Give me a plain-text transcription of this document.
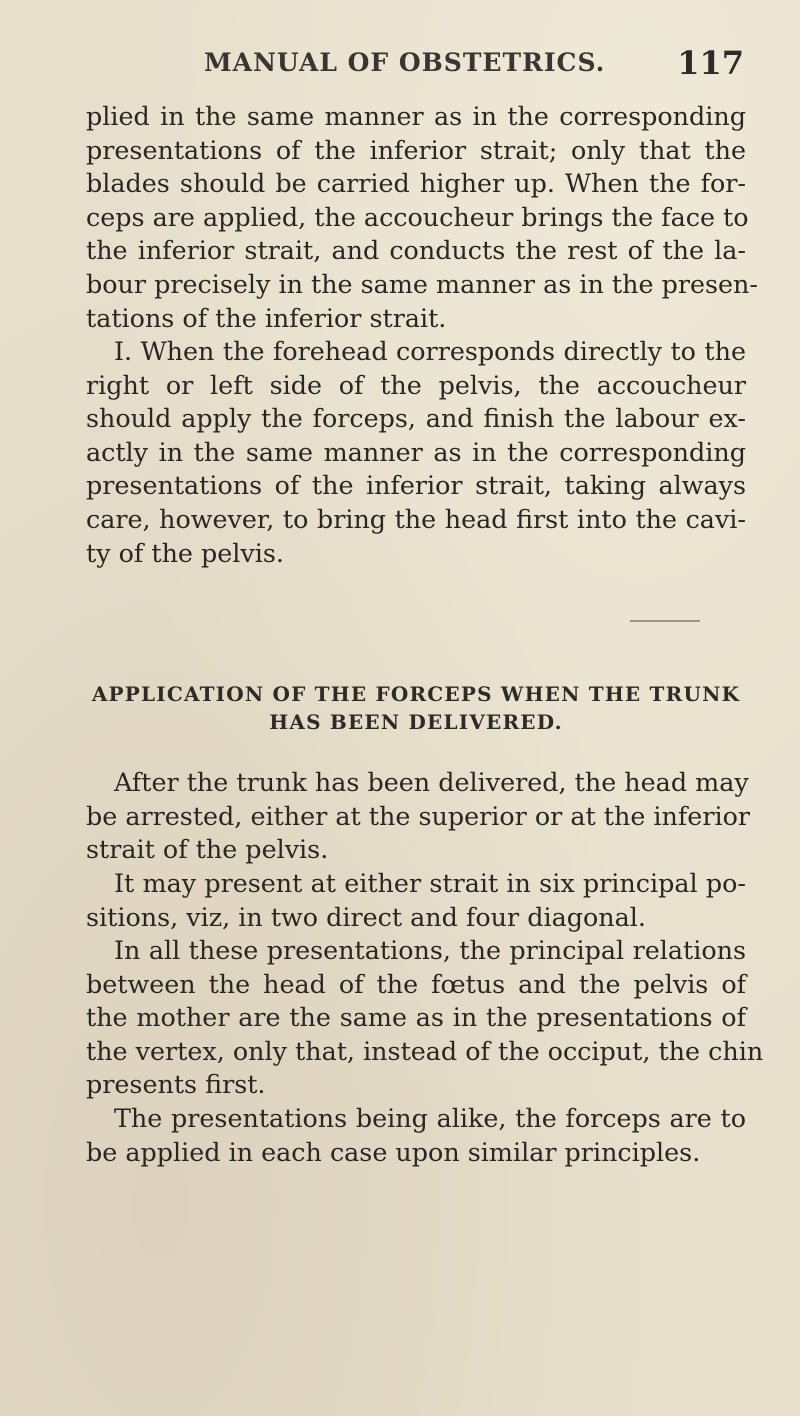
MANUAL OF OBSTETRICS. 117

plied in the same manner as in the corresponding
presentations of the inferior strait; only that the
blades should be carried higher up. When the for-
ceps are applied, the accoucheur brings the face to
the inferior strait, and conducts the rest of the la-
bour precisely in the same manner as in the presen-
tations of the inferior strait.

I. When the forehead corresponds directly to the
right or left side of the pelvis, the accoucheur
should apply the forceps, and finish the labour ex-
actly in the same manner as in the corresponding
presentations of the inferior strait, taking always
care, however, to bring the head first into the cavi-
ty of the pelvis.

APPLICATION OF THE FORCEPS WHEN THE TRUNK
HAS BEEN DELIVERED.

After the trunk has been delivered, the head may
be arrested, either at the superior or at the inferior
strait of the pelvis.

It may present at either strait in six principal po-
sitions, viz, in two direct and four diagonal.

In all these presentations, the principal relations
between the head of the fœtus and the pelvis of
the mother are the same as in the presentations of
the vertex, only that, instead of the occiput, the chin
presents first.

The presentations being alike, the forceps are to
be applied in each case upon similar principles.
